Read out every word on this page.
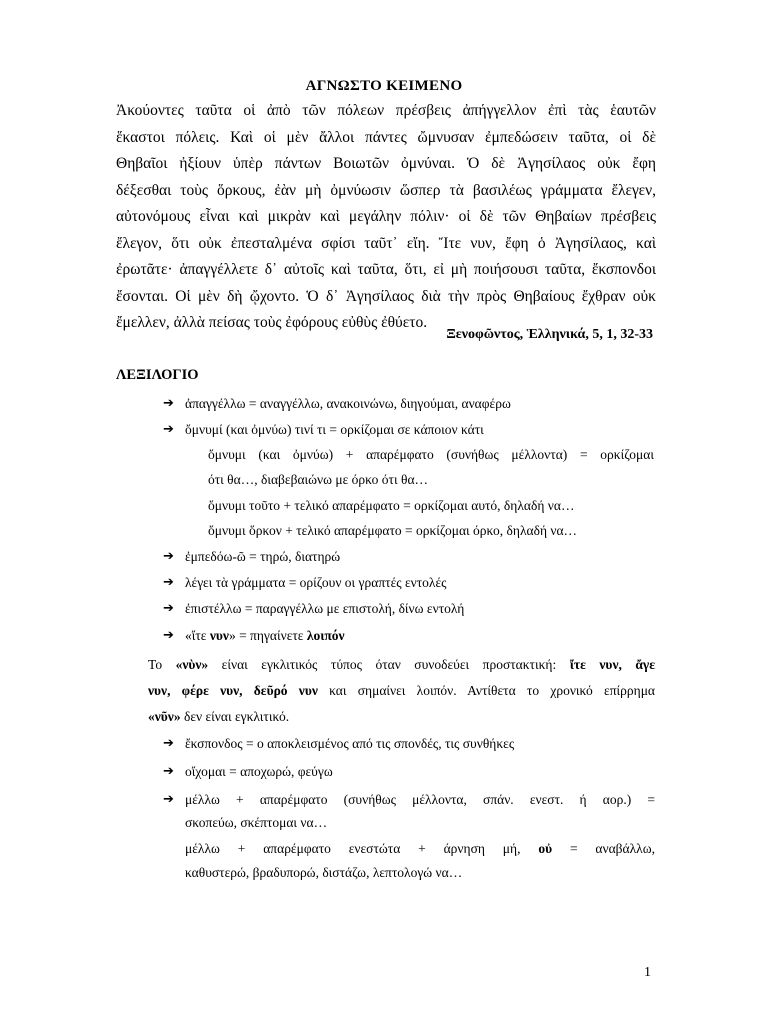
ΑΓΝΩΣΤΟ ΚΕΙΜΕΝΟ
Ἀκούοντες ταῦτα οἱ ἀπὸ τῶν πόλεων πρέσβεις ἀπήγγελλον ἐπὶ τὰς ἑαυτῶν
ἕκαστοι πόλεις. Καὶ οἱ μὲν ἄλλοι πάντες ὤμνυσαν ἐμπεδώσειν ταῦτα, οἱ δὲ
Θηβαῖοι ἠξίουν ὑπὲρ πάντων Βοιωτῶν ὀμνύναι. Ὁ δὲ Ἀγησίλαος οὐκ ἔφη
δέξεσθαι τοὺς ὅρκους, ἐὰν μὴ ὀμνύωσιν ὥσπερ τὰ βασιλέως γράμματα ἔλεγεν,
αὐτονόμους εἶναι καὶ μικρὰν καὶ μεγάλην πόλιν· οἱ δὲ τῶν Θηβαίων πρέσβεις
ἔλεγον, ὅτι οὐκ ἐπεσταλμένα σφίσι ταῦτ᾽ εἴη. Ἴτε νυν, ἔφη ὁ Ἀγησίλαος, καὶ
ἐρωτᾶτε· ἀπαγγέλλετε δ᾽ αὐτοῖς καὶ ταῦτα, ὅτι, εἰ μὴ ποιήσουσι ταῦτα, ἔκσπονδοι
ἔσονται. Οἱ μὲν δὴ ᾤχοντο. Ὁ δ᾽ Ἀγησίλαος διὰ τὴν πρὸς Θηβαίους ἔχθραν οὐκ
ἔμελλεν, ἀλλὰ πείσας τοὺς ἐφόρους εὐθὺς ἐθύετο.
Ξενοφῶντος, Ἑλληνικά, 5, 1, 32-33
ΛΕΞΙΛΟΓΙΟ
➔ ἀπαγγέλλω = αναγγέλλω, ανακοινώνω, διηγούμαι, αναφέρω
➔ ὄμνυμί (και ὀμνύω) τινί τι = ορκίζομαι σε κάποιον κάτι
ὄμνυμι (και ὀμνύω) + απαρέμφατο (συνήθως μέλλοντα) = ορκίζομαι
ότι θα…, διαβεβαιώνω με όρκο ότι θα…
ὄμνυμι τοῦτο + τελικό απαρέμφατο = ορκίζομαι αυτό, δηλαδή να…
ὄμνυμι ὅρκον + τελικό απαρέμφατο = ορκίζομαι όρκο, δηλαδή να…
➔ ἐμπεδόω-ῶ = τηρώ, διατηρώ
➔ λέγει τὰ γράμματα = ορίζουν οι γραπτές εντολές
➔ ἐπιστέλλω = παραγγέλλω με επιστολή, δίνω εντολή
➔ «ἴτε νυν» = πηγαίνετε λοιπόν
Το «νὺν» είναι εγκλιτικός τύπος όταν συνοδεύει προστακτική: ἴτε νυν, ἄγε
νυν, φέρε νυν, δεῦρό νυν και σημαίνει λοιπόν. Αντίθετα το χρονικό επίρρημα
«νῦν» δεν είναι εγκλιτικό.
➔ ἔκσπονδος = ο αποκλεισμένος από τις σπονδές, τις συνθήκες
➔ οἴχομαι = αποχωρώ, φεύγω
➔ μέλλω + απαρέμφατο (συνήθως μέλλοντα, σπάν. ενεστ. ή αορ.) =
σκοπεύω, σκέπτομαι να…
μέλλω + απαρέμφατο ενεστώτα + άρνηση μή, οὐ = αναβάλλω,
καθυστερώ, βραδυπορώ, διστάζω, λεπτολογώ να…
1
